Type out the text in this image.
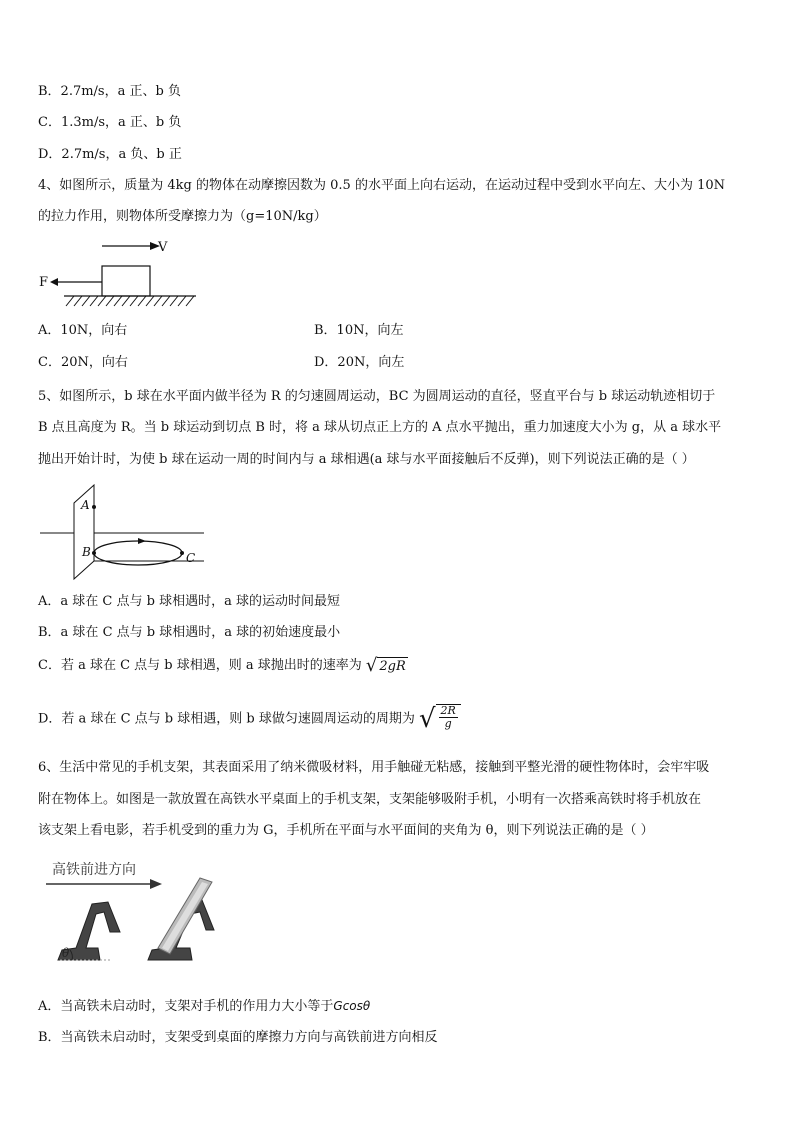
B．2.7m/s，a 正、b 负
C．1.3m/s，a 正、b 负
D．2.7m/s，a 负、b 正
4、如图所示，质量为 4kg 的物体在动摩擦因数为 0.5 的水平面上向右运动，在运动过程中受到水平向左、大小为 10N
的拉力作用，则物体所受摩擦力为（g=10N/kg）
V
F
A．10N，向右	B．10N，向左
C．20N，向右	D．20N，向左
5、如图所示，b 球在水平面内做半径为 R 的匀速圆周运动，BC 为圆周运动的直径，竖直平台与 b 球运动轨迹相切于
B 点且高度为 R。当 b 球运动到切点 B 时，将 a 球从切点正上方的 A 点水平抛出，重力加速度大小为 g，从 a 球水平
抛出开始计时，为使 b 球在运动一周的时间内与 a 球相遇(a 球与水平面接触后不反弹)，则下列说法正确的是（ ）
A
B	C
A．a 球在 C 点与 b 球相遇时，a 球的运动时间最短
B．a 球在 C 点与 b 球相遇时，a 球的初始速度最小
C．若 a 球在 C 点与 b 球相遇，则 a 球抛出时的速率为 √ 2gR
D．若 a 球在 C 点与 b 球相遇，则 b 球做匀速圆周运动的周期为 √ $\frac{2R}{g}$
6、生活中常见的手机支架，其表面采用了纳米微吸材料，用手触碰无粘感，接触到平整光滑的硬性物体时，会牢牢吸
附在物体上。如图是一款放置在高铁水平桌面上的手机支架，支架能够吸附手机，小明有一次搭乘高铁时将手机放在
该支架上看电影，若手机受到的重力为 G，手机所在平面与水平面间的夹角为 θ，则下列说法正确的是（ ）
高铁前进方向
θ
A．当高铁未启动时，支架对手机的作用力大小等于Gcosθ
B．当高铁未启动时，支架受到桌面的摩擦力方向与高铁前进方向相反
